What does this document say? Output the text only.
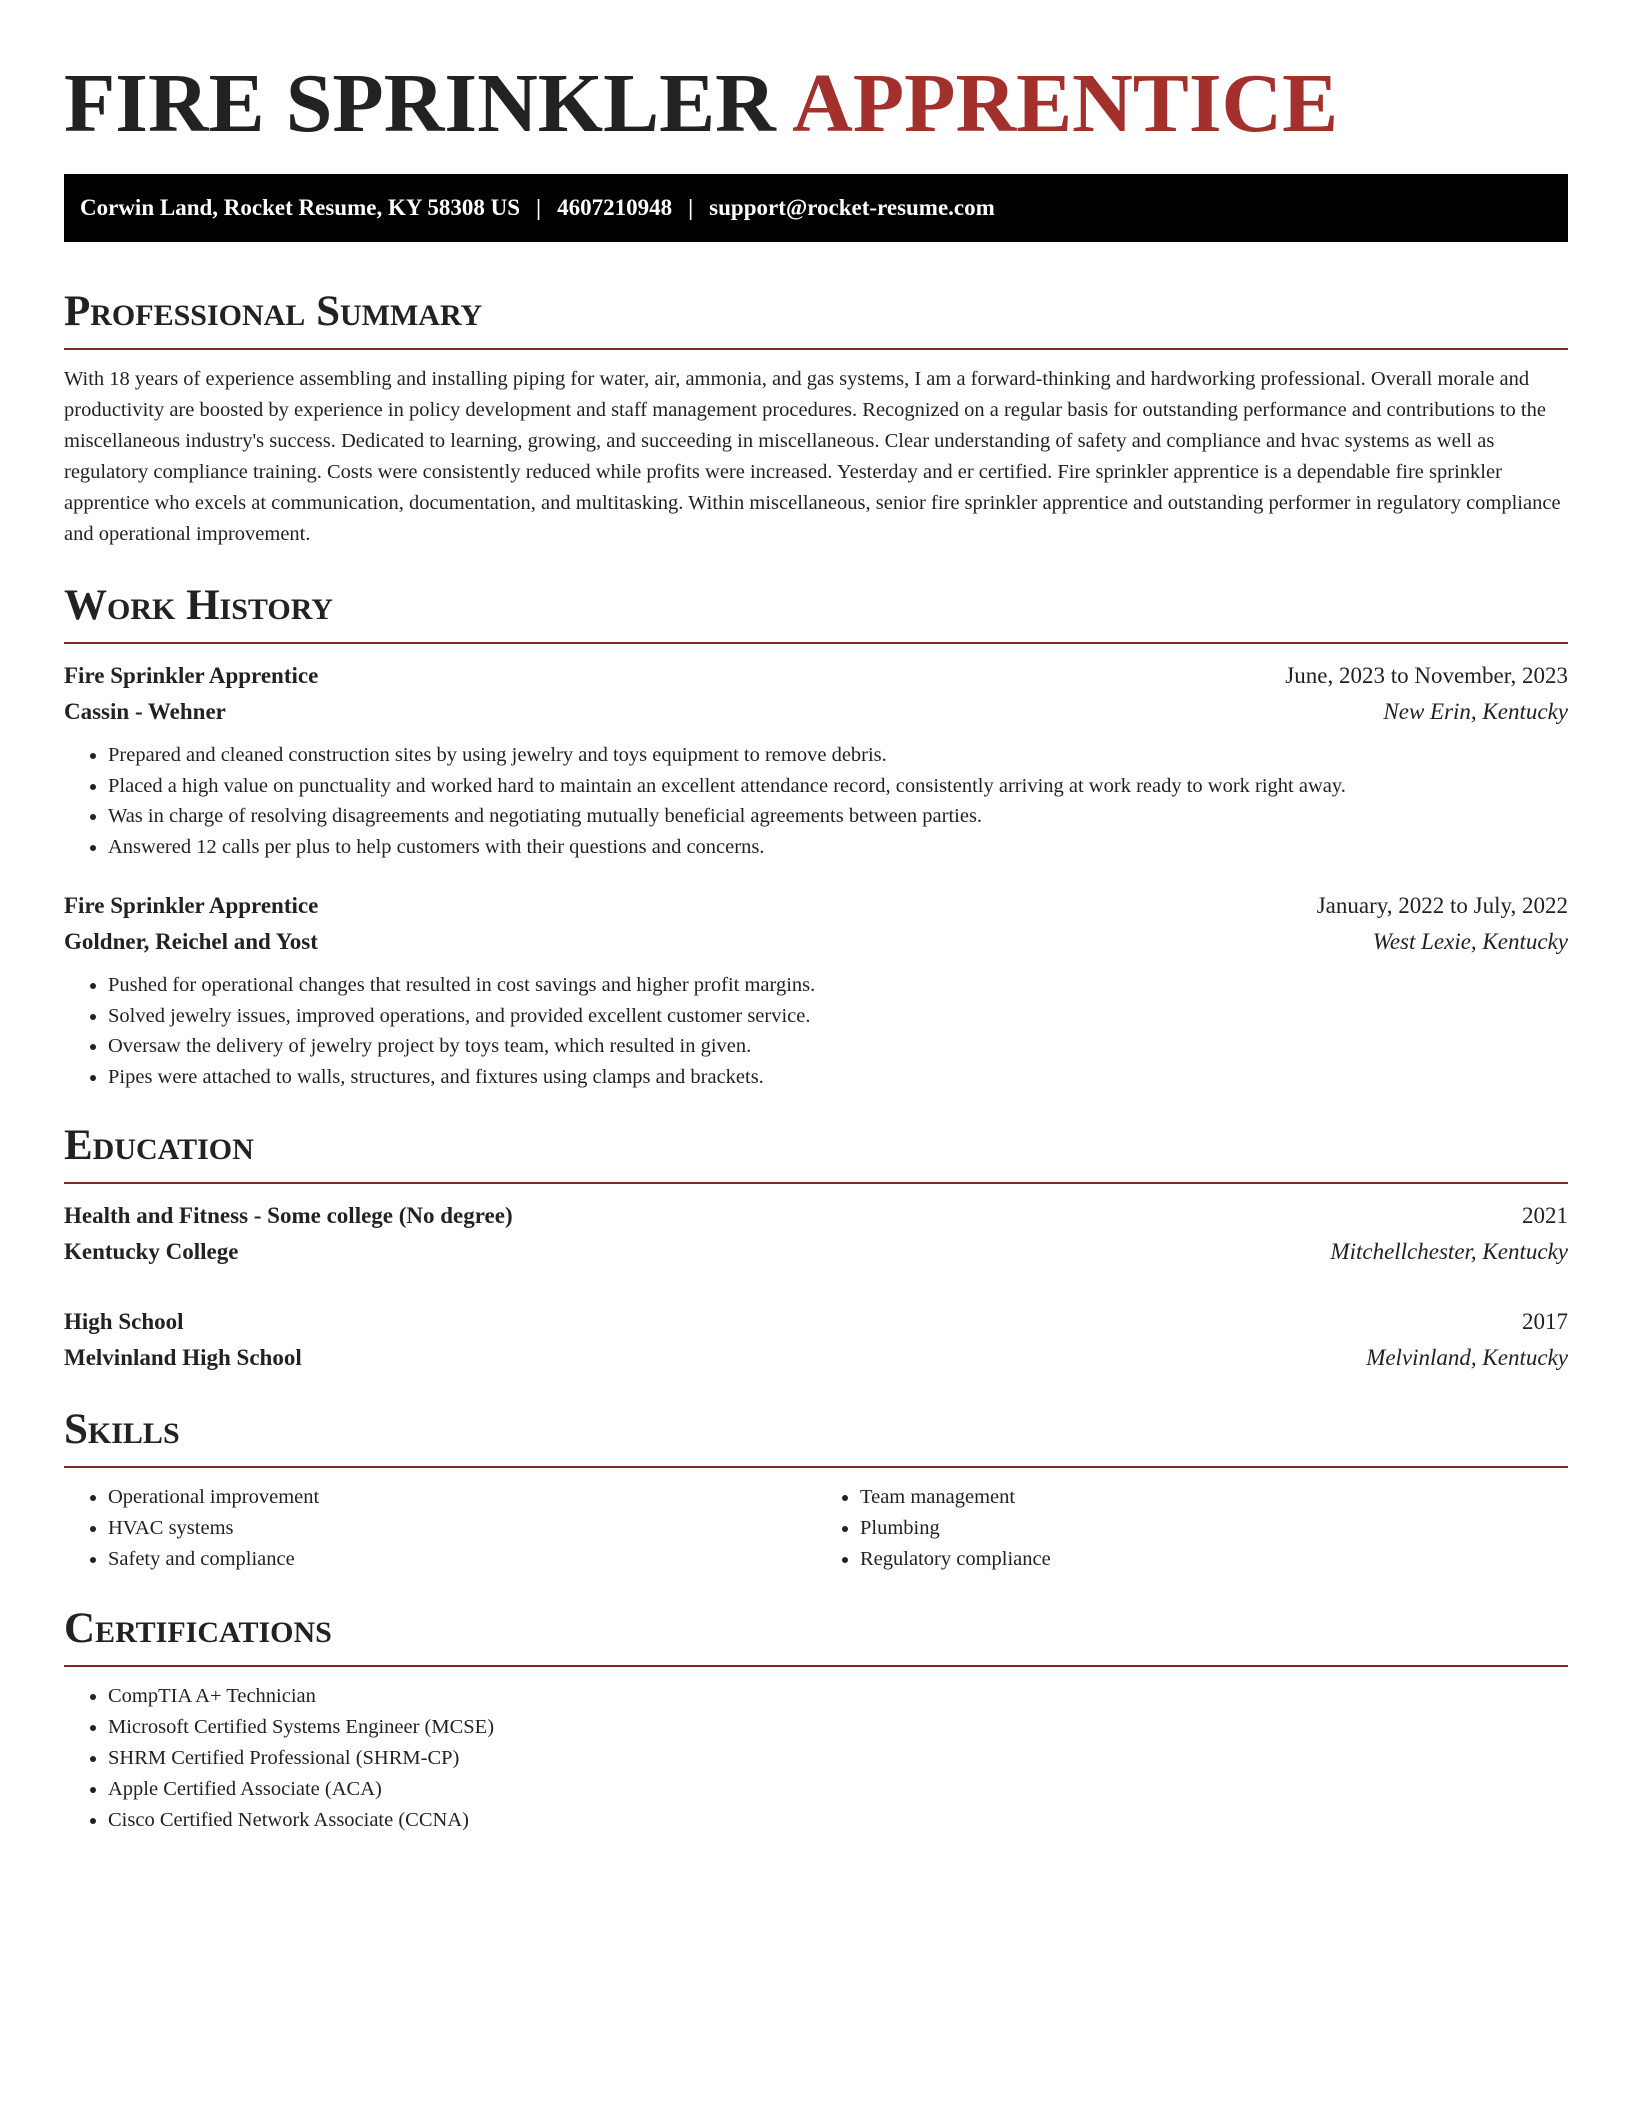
FIRE SPRINKLER APPRENTICE
Corwin Land, Rocket Resume, KY 58308 US | 4607210948 | support@rocket-resume.com
Professional Summary

With 18 years of experience assembling and installing piping for water, air, ammonia, and gas systems, I am a forward-thinking and hardworking professional. Overall morale and productivity are boosted by experience in policy development and staff management procedures. Recognized on a regular basis for outstanding performance and contributions to the miscellaneous industry's success. Dedicated to learning, growing, and succeeding in miscellaneous. Clear understanding of safety and compliance and hvac systems as well as regulatory compliance training. Costs were consistently reduced while profits were increased. Yesterday and er certified. Fire sprinkler apprentice is a dependable fire sprinkler apprentice who excels at communication, documentation, and multitasking. Within miscellaneous, senior fire sprinkler apprentice and outstanding performer in regulatory compliance and operational improvement.

Work History
Fire Sprinkler Apprentice	June, 2023 to November, 2023
Cassin - Wehner	New Erin, Kentucky
• Prepared and cleaned construction sites by using jewelry and toys equipment to remove debris.
• Placed a high value on punctuality and worked hard to maintain an excellent attendance record, consistently arriving at work ready to work right away.
• Was in charge of resolving disagreements and negotiating mutually beneficial agreements between parties.
• Answered 12 calls per plus to help customers with their questions and concerns.
Fire Sprinkler Apprentice	January, 2022 to July, 2022
Goldner, Reichel and Yost	West Lexie, Kentucky
• Pushed for operational changes that resulted in cost savings and higher profit margins.
• Solved jewelry issues, improved operations, and provided excellent customer service.
• Oversaw the delivery of jewelry project by toys team, which resulted in given.
• Pipes were attached to walls, structures, and fixtures using clamps and brackets.
Education
Health and Fitness - Some college (No degree)	2021
Kentucky College	Mitchellchester, Kentucky
High School	2017
Melvinland High School	Melvinland, Kentucky
Skills
• Operational improvement
• HVAC systems
• Safety and compliance
• Team management
• Plumbing
• Regulatory compliance
Certifications
• CompTIA A+ Technician
• Microsoft Certified Systems Engineer (MCSE)
• SHRM Certified Professional (SHRM-CP)
• Apple Certified Associate (ACA)
• Cisco Certified Network Associate (CCNA)
